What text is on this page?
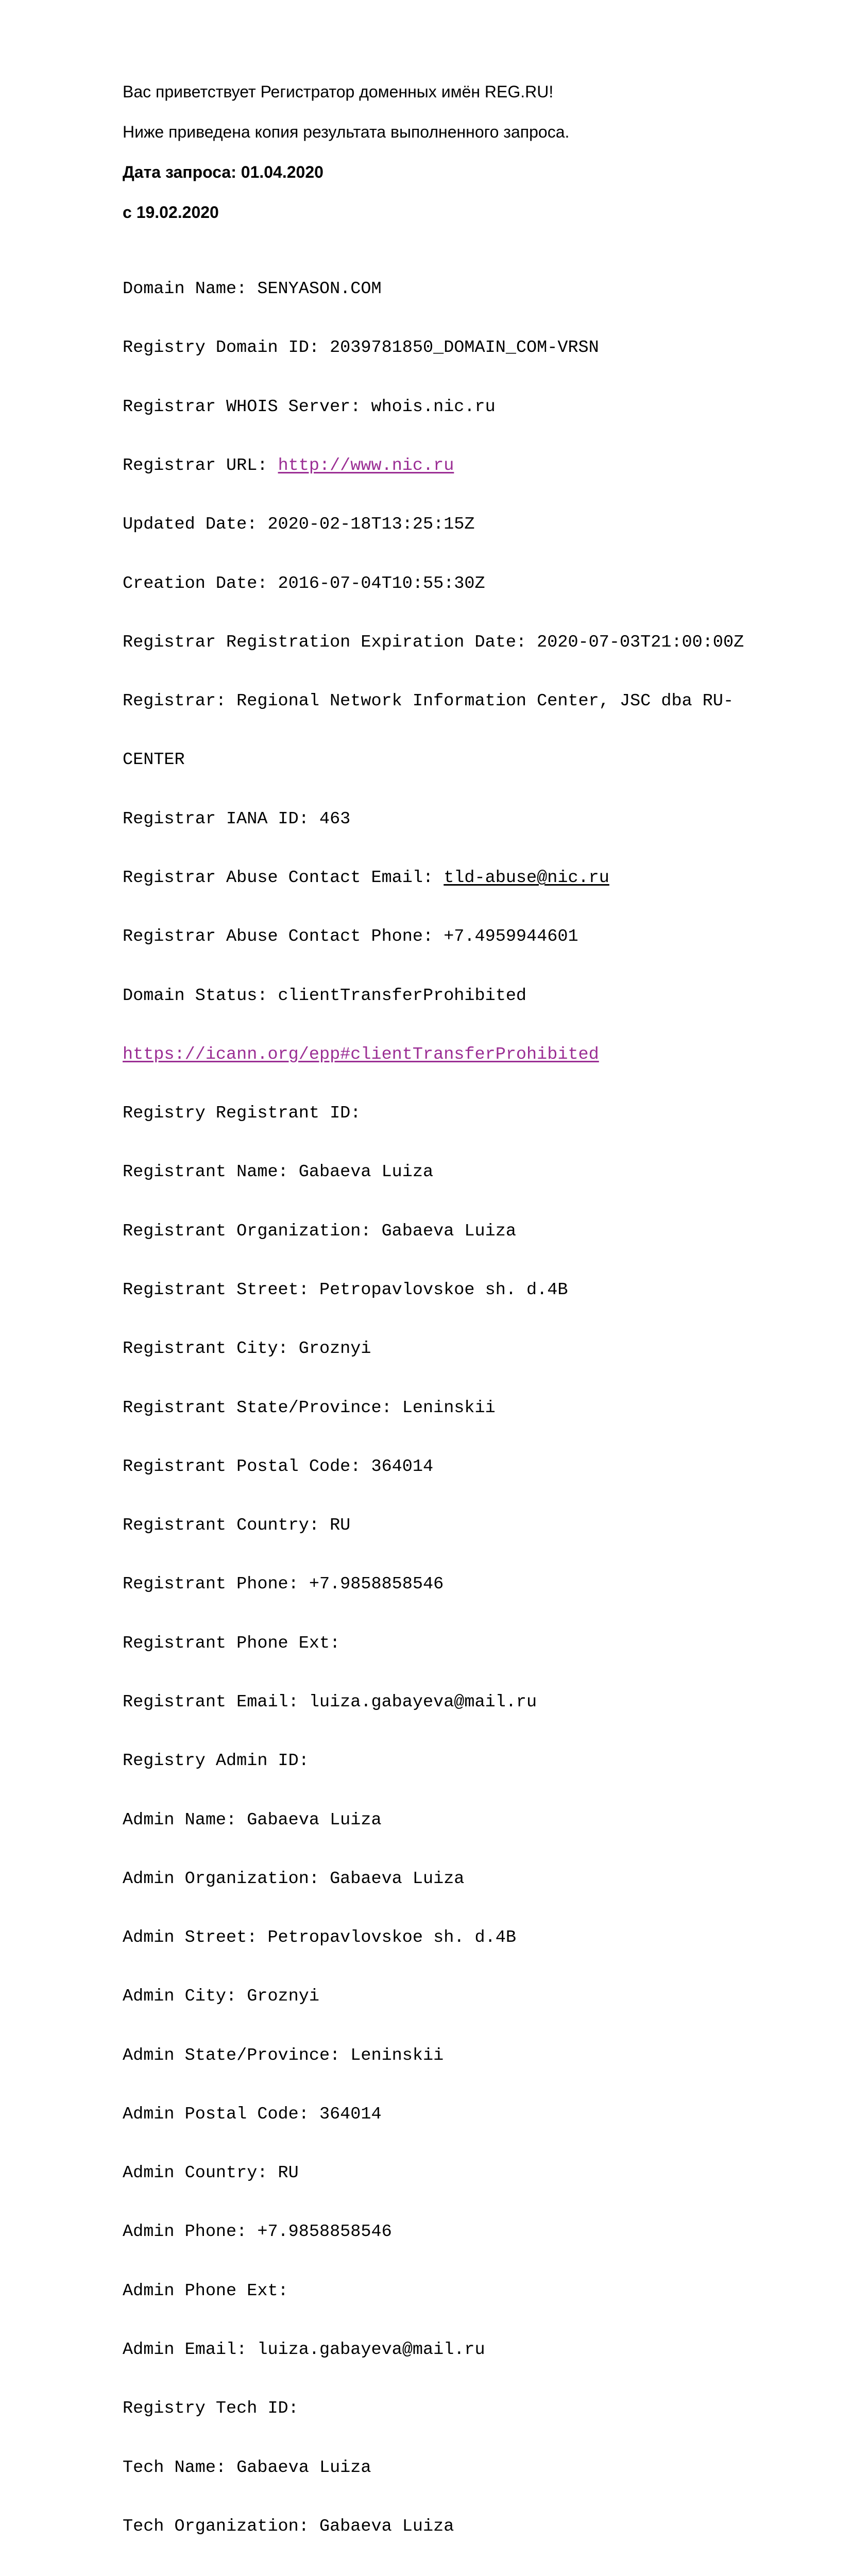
Вас приветствует Регистратор доменных имён REG.RU!

Ниже приведена копия результата выполненного запроса.

Дата запроса: 01.04.2020

с 19.02.2020

Domain Name: SENYASON.COM

Registry Domain ID: 2039781850_DOMAIN_COM-VRSN

Registrar WHOIS Server: whois.nic.ru

Registrar URL: http://www.nic.ru

Updated Date: 2020-02-18T13:25:15Z

Creation Date: 2016-07-04T10:55:30Z

Registrar Registration Expiration Date: 2020-07-03T21:00:00Z

Registrar: Regional Network Information Center, JSC dba RU-

CENTER

Registrar IANA ID: 463

Registrar Abuse Contact Email: tld-abuse@nic.ru

Registrar Abuse Contact Phone: +7.4959944601

Domain Status: clientTransferProhibited

https://icann.org/epp#clientTransferProhibited

Registry Registrant ID:

Registrant Name: Gabaeva Luiza

Registrant Organization: Gabaeva Luiza

Registrant Street: Petropavlovskoe sh. d.4B

Registrant City: Groznyi

Registrant State/Province: Leninskii

Registrant Postal Code: 364014

Registrant Country: RU

Registrant Phone: +7.9858858546

Registrant Phone Ext:

Registrant Email: luiza.gabayeva@mail.ru

Registry Admin ID:

Admin Name: Gabaeva Luiza

Admin Organization: Gabaeva Luiza

Admin Street: Petropavlovskoe sh. d.4B

Admin City: Groznyi

Admin State/Province: Leninskii

Admin Postal Code: 364014

Admin Country: RU

Admin Phone: +7.9858858546

Admin Phone Ext:

Admin Email: luiza.gabayeva@mail.ru

Registry Tech ID:

Tech Name: Gabaeva Luiza

Tech Organization: Gabaeva Luiza
